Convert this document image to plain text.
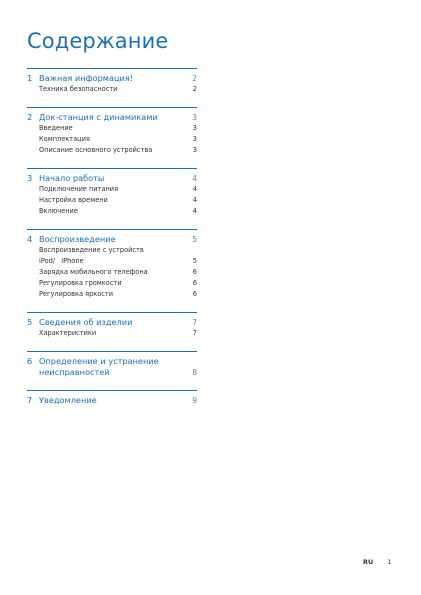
Содержание
1 Важная информация!	2
Техника безопасности	2
2 Док-станция с динамиками	3
Введение	3
Комплектация	3
Описание основного устройства	3
3 Начало работы	4
Подключение питания	4
Настройка времени	4
Включение	4
4 Воспроизведение	5
Воспроизведение с устройств iPod/   iPhone	5
Зарядка мобильного телефона	6
Регулировка громкости	6
Регулировка яркости	6
5 Сведения об изделии	7
Характеристики	7
6 Определение и устранение неисправностей	8
7 Уведомление	9
RU 1
